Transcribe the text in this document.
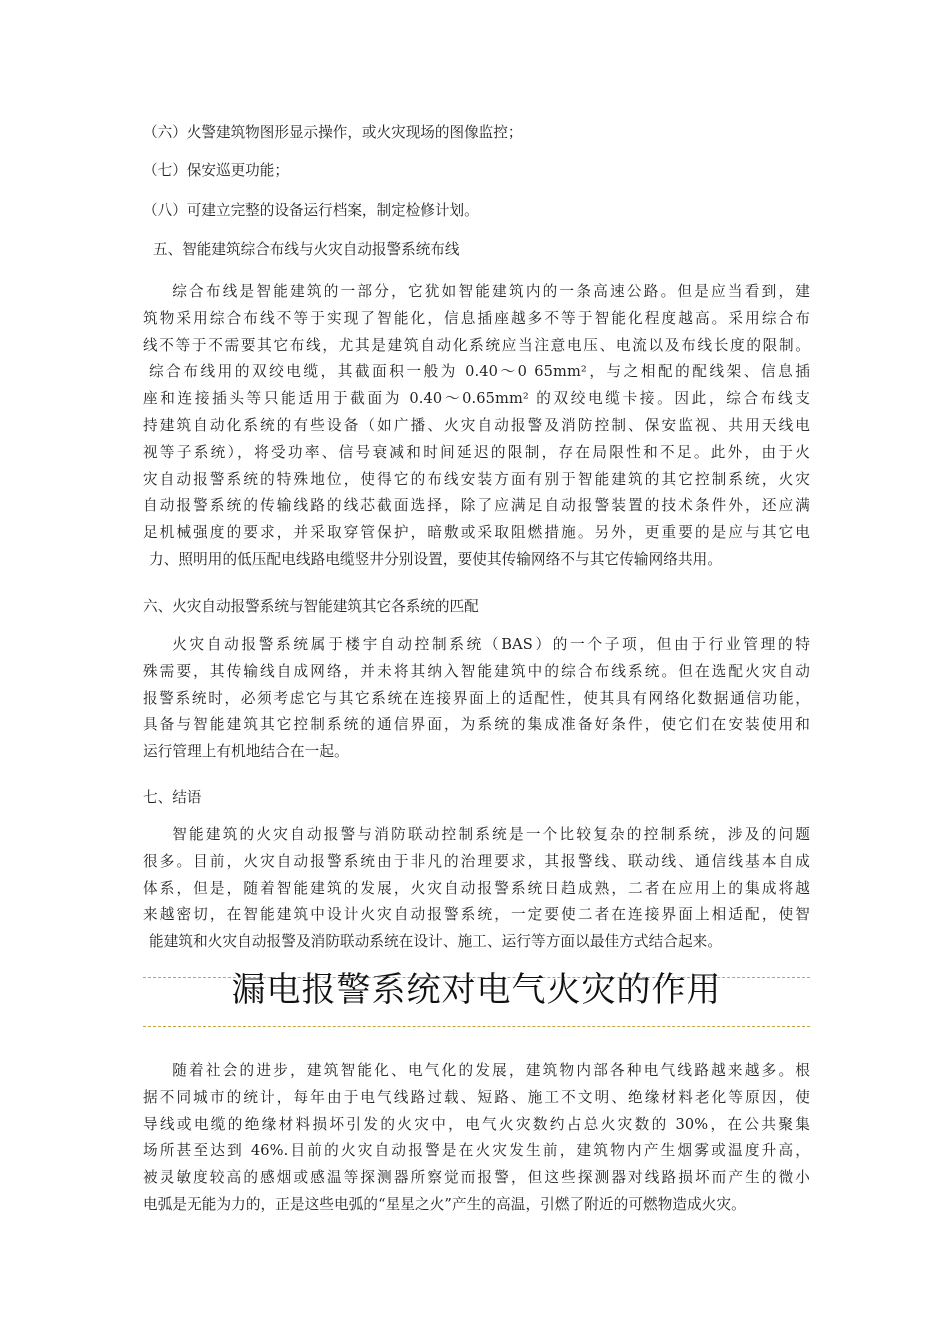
（六）火警建筑物图形显示操作，或火灾现场的图像监控；
（七）保安巡更功能；
（八）可建立完整的设备运行档案，制定检修计划。
五、智能建筑综合布线与火灾自动报警系统布线
综合布线是智能建筑的一部分，它犹如智能建筑内的一条高速公路。但是应当看到，建
筑物采用综合布线不等于实现了智能化，信息插座越多不等于智能化程度越高。采用综合布
线不等于不需要其它布线，尤其是建筑自动化系统应当注意电压、电流以及布线长度的限制。
综合布线用的双绞电缆，其截面积一般为 0.40～0 65mm²，与之相配的配线架、信息插
座和连接插头等只能适用于截面为 0.40～0.65mm² 的双绞电缆卡接。因此，综合布线支
持建筑自动化系统的有些设备（如广播、火灾自动报警及消防控制、保安监视、共用天线电
视等子系统），将受功率、信号衰减和时间延迟的限制，存在局限性和不足。此外，由于火
灾自动报警系统的特殊地位，使得它的布线安装方面有别于智能建筑的其它控制系统，火灾
自动报警系统的传输线路的线芯截面选择，除了应满足自动报警装置的技术条件外，还应满
足机械强度的要求，并采取穿管保护，暗敷或采取阻燃措施。另外，更重要的是应与其它电
力、照明用的低压配电线路电缆竖井分别设置，要使其传输网络不与其它传输网络共用。
六、火灾自动报警系统与智能建筑其它各系统的匹配
火灾自动报警系统属于楼宇自动控制系统（BAS）的一个子项，但由于行业管理的特
殊需要，其传输线自成网络，并未将其纳入智能建筑中的综合布线系统。但在选配火灾自动
报警系统时，必须考虑它与其它系统在连接界面上的适配性，使其具有网络化数据通信功能，
具备与智能建筑其它控制系统的通信界面，为系统的集成准备好条件，使它们在安装使用和
运行管理上有机地结合在一起。
七、结语
智能建筑的火灾自动报警与消防联动控制系统是一个比较复杂的控制系统，涉及的问题
很多。目前，火灾自动报警系统由于非凡的治理要求，其报警线、联动线、通信线基本自成
体系，但是，随着智能建筑的发展，火灾自动报警系统日趋成熟，二者在应用上的集成将越
来越密切，在智能建筑中设计火灾自动报警系统，一定要使二者在连接界面上相适配，使智
能建筑和火灾自动报警及消防联动系统在设计、施工、运行等方面以最佳方式结合起来。
漏电报警系统对电气火灾的作用
随着社会的进步，建筑智能化、电气化的发展，建筑物内部各种电气线路越来越多。根
据不同城市的统计，每年由于电气线路过载、短路、施工不文明、绝缘材料老化等原因，使
导线或电缆的绝缘材料损坏引发的火灾中，电气火灾数约占总火灾数的 30%，在公共聚集
场所甚至达到 46%.目前的火灾自动报警是在火灾发生前，建筑物内产生烟雾或温度升高，
被灵敏度较高的感烟或感温等探测器所察觉而报警，但这些探测器对线路损坏而产生的微小
电弧是无能为力的，正是这些电弧的“星星之火”产生的高温，引燃了附近的可燃物造成火灾。
